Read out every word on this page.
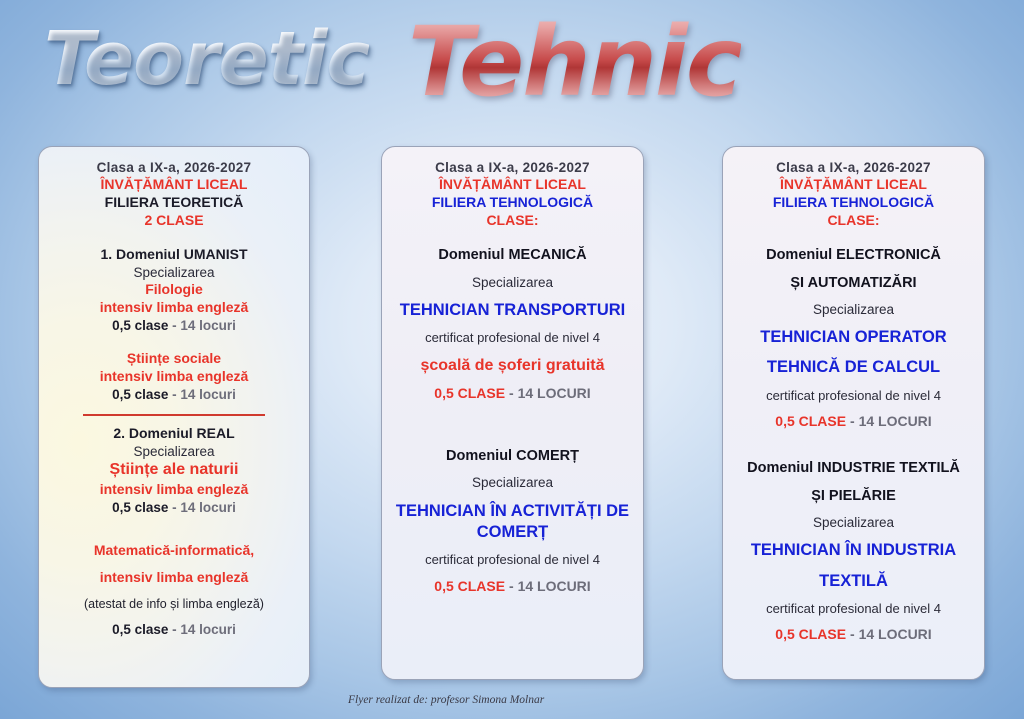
Teoretic Tehnic

Clasa a IX-a, 2026-2027

ÎNVĂȚĂMÂNT LICEAL

FILIERA TEORETICĂ

2 CLASE

1. Domeniul UMANIST

Specializarea

Filologie

intensiv limba engleză

0,5 clase - 14 locuri

Științe sociale

intensiv limba engleză

0,5 clase - 14 locuri

2. Domeniul REAL

Specializarea

Științe ale naturii

intensiv limba engleză

0,5 clase - 14 locuri

Matematică-informatică,

intensiv limba engleză

(atestat de info și limba engleză)

0,5 clase - 14 locuri

Clasa a IX-a, 2026-2027

ÎNVĂȚĂMÂNT LICEAL

FILIERA TEHNOLOGICĂ

CLASE:

Domeniul MECANICĂ

Specializarea

TEHNICIAN TRANSPORTURI

certificat profesional de nivel 4

școală de șoferi gratuită

0,5 CLASE - 14 LOCURI

Domeniul COMERȚ

Specializarea

TEHNICIAN ÎN ACTIVITĂȚI DE

COMERȚ

certificat profesional de nivel 4

0,5 CLASE - 14 LOCURI

Clasa a IX-a, 2026-2027

ÎNVĂȚĂMÂNT LICEAL

FILIERA TEHNOLOGICĂ

CLASE:

Domeniul ELECTRONICĂ

ȘI AUTOMATIZĂRI

Specializarea

TEHNICIAN OPERATOR

TEHNICĂ DE CALCUL

certificat profesional de nivel 4

0,5 CLASE - 14 LOCURI

Domeniul INDUSTRIE TEXTILĂ

ȘI PIELĂRIE

Specializarea

TEHNICIAN ÎN INDUSTRIA

TEXTILĂ

certificat profesional de nivel 4

0,5 CLASE - 14 LOCURI

Flyer realizat de: profesor Simona Molnar
